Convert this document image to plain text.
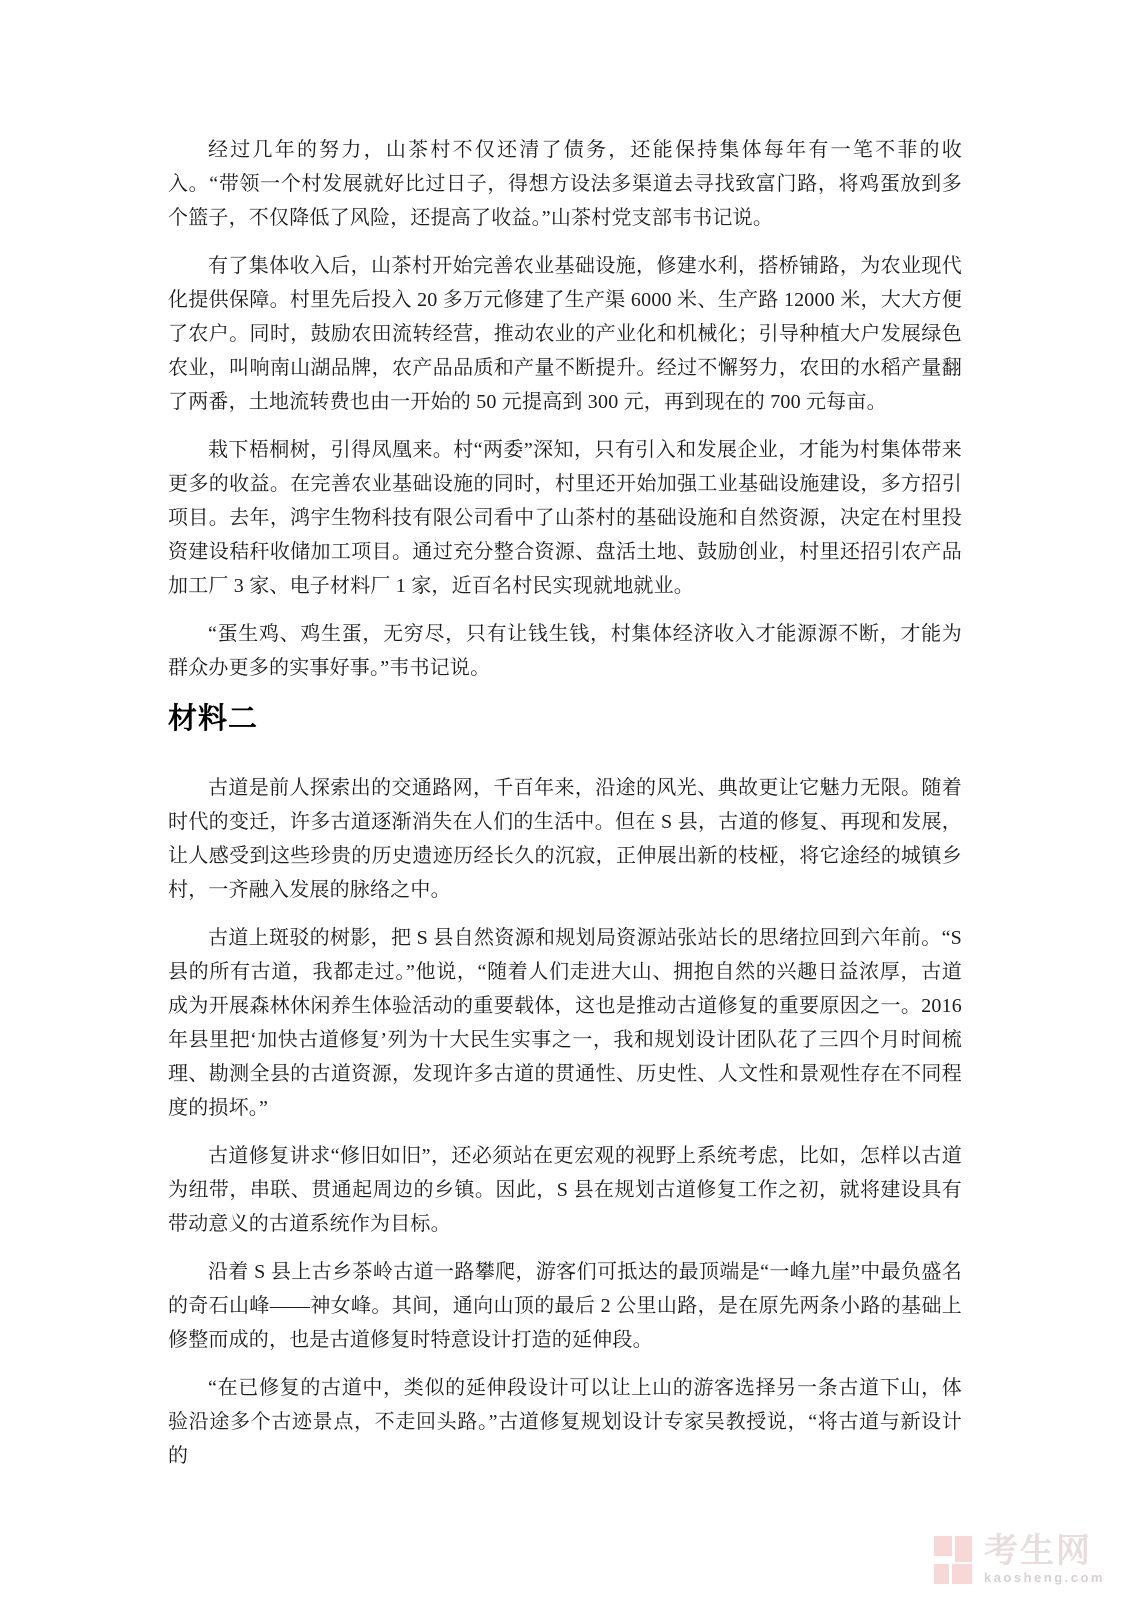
经过几年的努力，山茶村不仅还清了债务，还能保持集体每年有一笔不菲的收入。“带领一个村发展就好比过日子，得想方设法多渠道去寻找致富门路，将鸡蛋放到多个篮子，不仅降低了风险，还提高了收益。”山茶村党支部韦书记说。

有了集体收入后，山茶村开始完善农业基础设施，修建水利，搭桥铺路，为农业现代化提供保障。村里先后投入 20 多万元修建了生产渠 6000 米、生产路 12000 米，大大方便了农户。同时，鼓励农田流转经营，推动农业的产业化和机械化；引导种植大户发展绿色农业，叫响南山湖品牌，农产品品质和产量不断提升。经过不懈努力，农田的水稻产量翻了两番，土地流转费也由一开始的 50 元提高到 300 元，再到现在的 700 元每亩。

栽下梧桐树，引得凤凰来。村“两委”深知，只有引入和发展企业，才能为村集体带来更多的收益。在完善农业基础设施的同时，村里还开始加强工业基础设施建设，多方招引项目。去年，鸿宇生物科技有限公司看中了山茶村的基础设施和自然资源，决定在村里投资建设秸秆收储加工项目。通过充分整合资源、盘活土地、鼓励创业，村里还招引农产品加工厂 3 家、电子材料厂 1 家，近百名村民实现就地就业。

“蛋生鸡、鸡生蛋，无穷尽，只有让钱生钱，村集体经济收入才能源源不断，才能为群众办更多的实事好事。”韦书记说。

材料二

古道是前人探索出的交通路网，千百年来，沿途的风光、典故更让它魅力无限。随着时代的变迁，许多古道逐渐消失在人们的生活中。但在 S 县，古道的修复、再现和发展，让人感受到这些珍贵的历史遗迹历经长久的沉寂，正伸展出新的枝桠，将它途经的城镇乡村，一齐融入发展的脉络之中。

古道上斑驳的树影，把 S 县自然资源和规划局资源站张站长的思绪拉回到六年前。“S 县的所有古道，我都走过。”他说，“随着人们走进大山、拥抱自然的兴趣日益浓厚，古道成为开展森林休闲养生体验活动的重要载体，这也是推动古道修复的重要原因之一。2016 年县里把‘加快古道修复’列为十大民生实事之一，我和规划设计团队花了三四个月时间梳理、勘测全县的古道资源，发现许多古道的贯通性、历史性、人文性和景观性存在不同程度的损坏。”

古道修复讲求“修旧如旧”，还必须站在更宏观的视野上系统考虑，比如，怎样以古道为纽带，串联、贯通起周边的乡镇。因此，S 县在规划古道修复工作之初，就将建设具有带动意义的古道系统作为目标。

沿着 S 县上古乡茶岭古道一路攀爬，游客们可抵达的最顶端是“一峰九崖”中最负盛名的奇石山峰——神女峰。其间，通向山顶的最后 2 公里山路，是在原先两条小路的基础上修整而成的，也是古道修复时特意设计打造的延伸段。

“在已修复的古道中，类似的延伸段设计可以让上山的游客选择另一条古道下山，体验沿途多个古迹景点，不走回头路。”古道修复规划设计专家吴教授说，“将古道与新设计的

考生网
kaosheng.com
